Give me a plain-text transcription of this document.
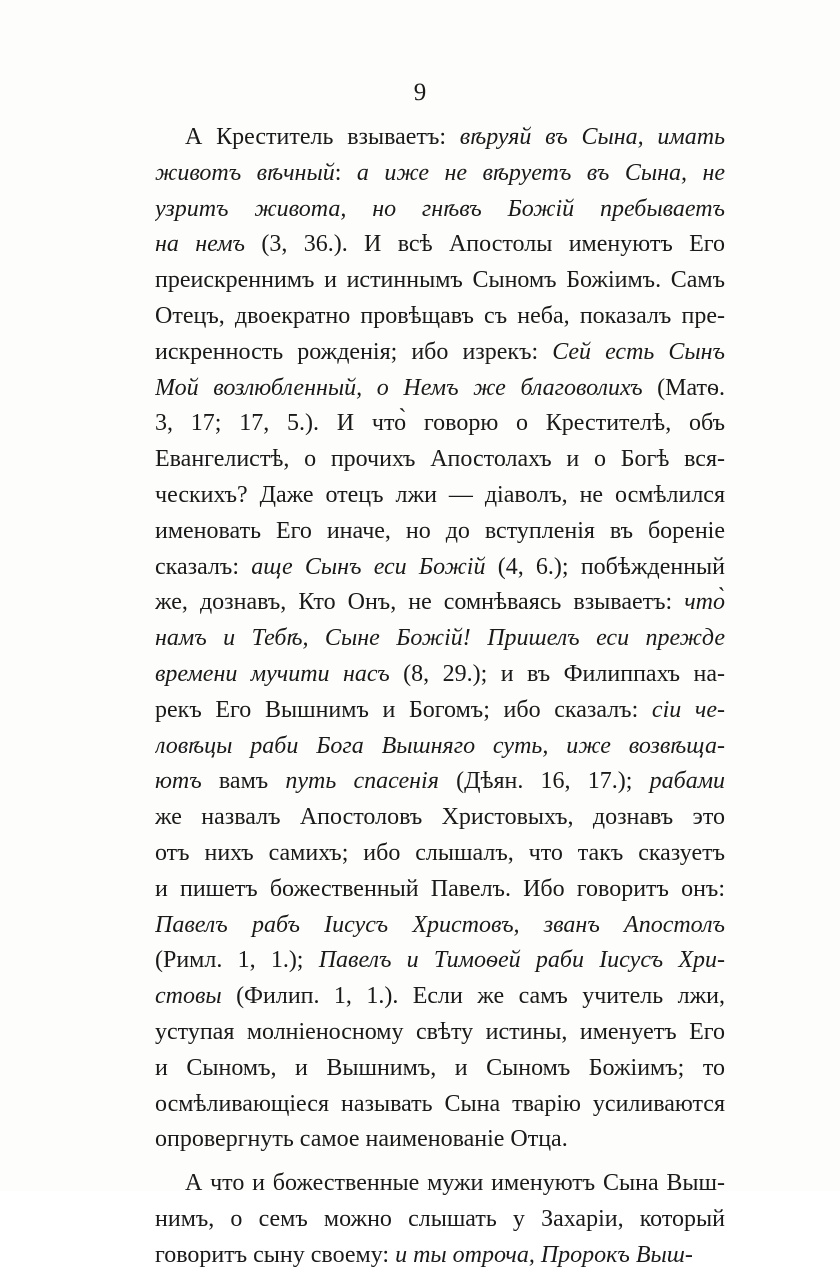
9
А Креститель взываетъ: вѣруяй въ Сына, имать
животъ вѣчный: а иже не вѣруетъ въ Сына, не
узритъ живота, но гнѣвъ Божій пребываетъ
на немъ (3, 36.). И всѣ Апостолы именуютъ Его
преискреннимъ и истиннымъ Сыномъ Божіимъ. Самъ
Отецъ, двоекратно провѣщавъ съ неба, показалъ пре-
искренность рожденія; ибо изрекъ: Сей есть Сынъ
Мой возлюбленный, о Немъ же благоволихъ (Матѳ.
3, 17; 17, 5.). И что̀ говорю о Крестителѣ, объ
Евангелистѣ, о прочихъ Апостолахъ и о Богѣ вся-
ческихъ? Даже отецъ лжи — діаволъ, не осмѣлился
именовать Его иначе, но до вступленія въ бореніе
сказалъ: аще Сынъ еси Божій (4, 6.); побѣжденный
же, дознавъ, Кто Онъ, не сомнѣваясь взываетъ: что̀
намъ и Тебѣ, Сыне Божій! Пришелъ еси прежде
времени мучити насъ (8, 29.); и въ Филиппахъ на-
рекъ Его Вышнимъ и Богомъ; ибо сказалъ: сіи че-
ловѣцы раби Бога Вышняго суть, иже возвѣща-
ютъ вамъ путь спасенія (Дѣян. 16, 17.); рабами
же назвалъ Апостоловъ Христовыхъ, дознавъ это
отъ нихъ самихъ; ибо слышалъ, что такъ сказуетъ
и пишетъ божественный Павелъ. Ибо говоритъ онъ:
Павелъ рабъ Іисусъ Христовъ, званъ Апостолъ
(Римл. 1, 1.); Павелъ и Тимоѳей раби Іисусъ Хри-
стовы (Филип. 1, 1.). Если же самъ учитель лжи,
уступая молніеносному свѣту истины, именуетъ Его
и Сыномъ, и Вышнимъ, и Сыномъ Божіимъ; то
осмѣливающіеся называть Сына тварію усиливаются
опровергнуть самое наименованіе Отца.
А что и божественные мужи именуютъ Сына Выш-
нимъ, о семъ можно слышать у Захаріи, который
говоритъ сыну своему: и ты отроча, Пророкъ Выш-
